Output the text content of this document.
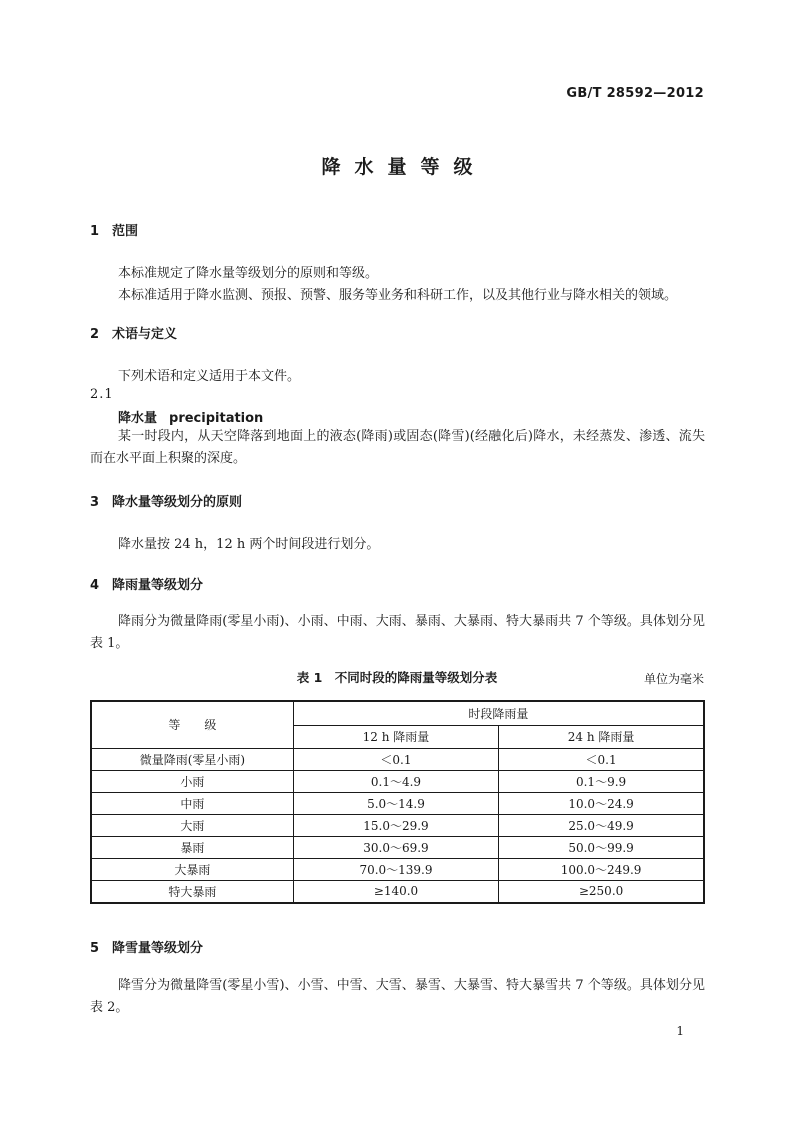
GB/T 28592—2012
降水量等级
1 范围
本标准规定了降水量等级划分的原则和等级。
本标准适用于降水监测、预报、预警、服务等业务和科研工作，以及其他行业与降水相关的领域。
2 术语与定义
下列术语和定义适用于本文件。
2.1
降水量 precipitation
某一时段内，从天空降落到地面上的液态(降雨)或固态(降雪)(经融化后)降水，未经蒸发、渗透、流失而在水平面上积聚的深度。
3 降水量等级划分的原则
降水量按 24 h，12 h 两个时间段进行划分。
4 降雨量等级划分
降雨分为微量降雨(零星小雨)、小雨、中雨、大雨、暴雨、大暴雨、特大暴雨共 7 个等级。具体划分见表 1。
表 1　不同时段的降雨量等级划分表	单位为毫米
等　　级	时段降雨量	
	12 h 降雨量	24 h 降雨量
微量降雨(零星小雨)	＜0.1	＜0.1
小雨	0.1～4.9	0.1～9.9
中雨	5.0～14.9	10.0～24.9
大雨	15.0～29.9	25.0～49.9
暴雨	30.0～69.9	50.0～99.9
大暴雨	70.0～139.9	100.0～249.9
特大暴雨	≥140.0	≥250.0
5 降雪量等级划分
降雪分为微量降雪(零星小雪)、小雪、中雪、大雪、暴雪、大暴雪、特大暴雪共 7 个等级。具体划分见表 2。
1
